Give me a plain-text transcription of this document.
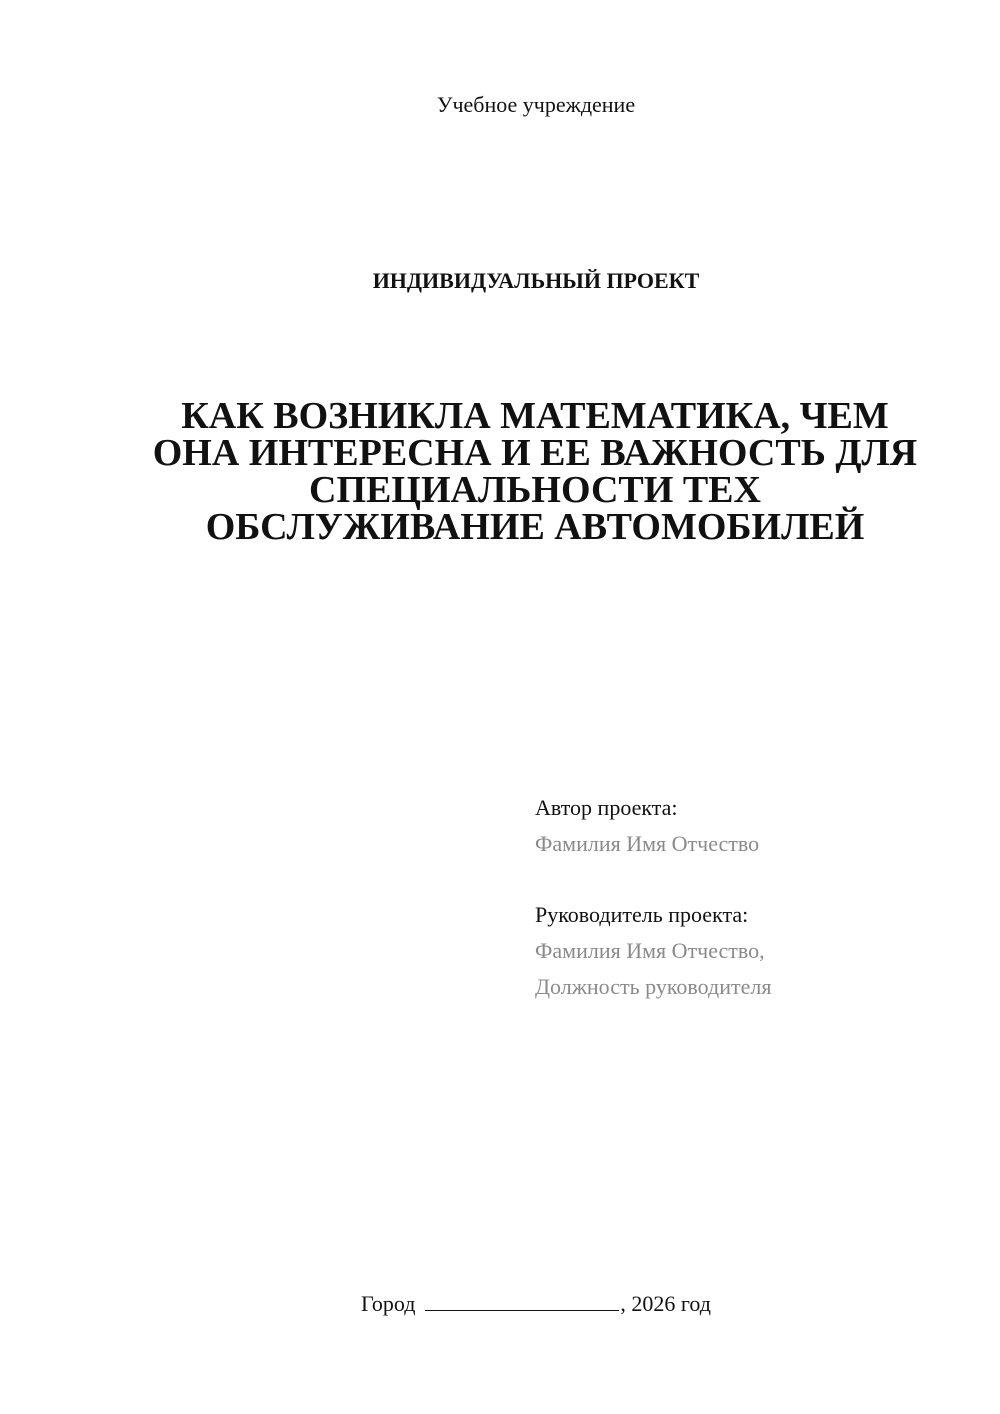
Учебное учреждение
ИНДИВИДУАЛЬНЫЙ ПРОЕКТ
КАК ВОЗНИКЛА МАТЕМАТИКА, ЧЕМ
ОНА ИНТЕРЕСНА И ЕЕ ВАЖНОСТЬ ДЛЯ
СПЕЦИАЛЬНОСТИ ТЕХ
ОБСЛУЖИВАНИЕ АВТОМОБИЛЕЙ
Автор проекта:
Фамилия Имя Отчество
Руководитель проекта:
Фамилия Имя Отчество,
Должность руководителя
Город	, 2026 год
